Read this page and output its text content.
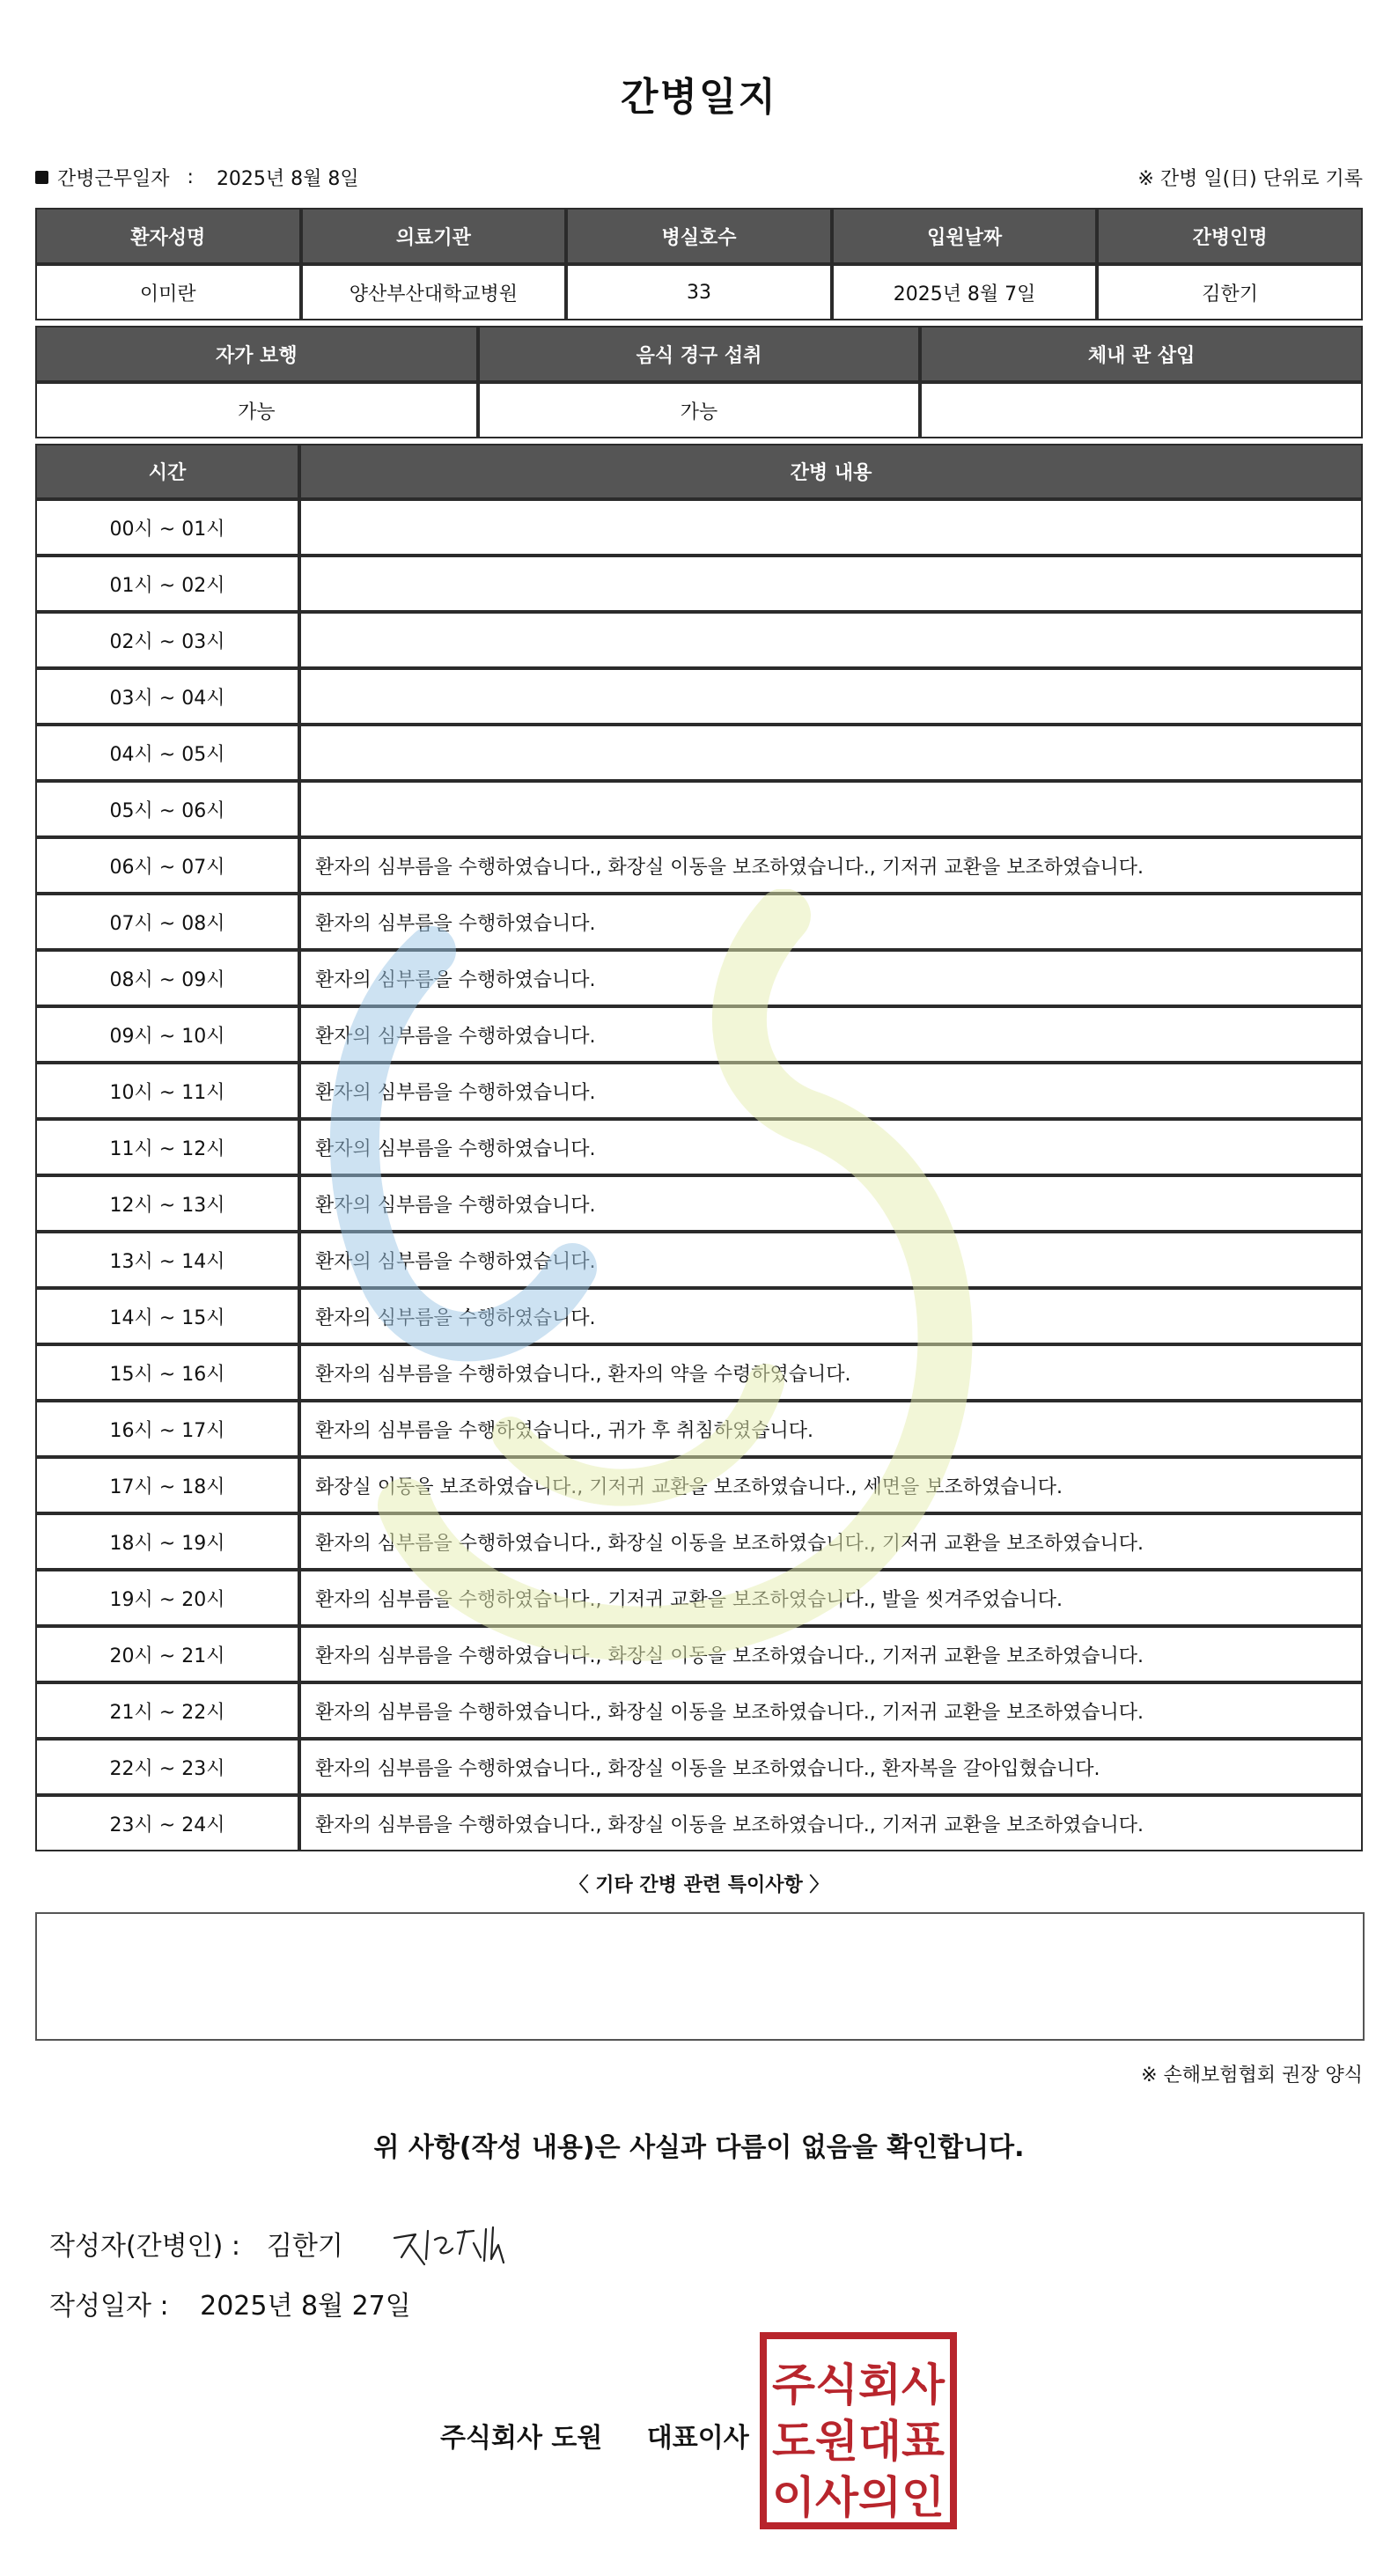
간병일지
간병근무일자 : 2025년 8월 8일	※ 간병 일(日) 단위로 기록
환자성명	의료기관	병실호수	입원날짜	간병인명
이미란	양산부산대학교병원	33	2025년 8월 7일	김한기
자가 보행	음식 경구 섭취	체내 관 삽입
가능	가능	
시간	간병 내용
00시 ~ 01시	
01시 ~ 02시	
02시 ~ 03시	
03시 ~ 04시	
04시 ~ 05시	
05시 ~ 06시	
06시 ~ 07시	환자의 심부름을 수행하였습니다., 화장실 이동을 보조하였습니다., 기저귀 교환을 보조하였습니다.
07시 ~ 08시	환자의 심부름을 수행하였습니다.
08시 ~ 09시	환자의 심부름을 수행하였습니다.
09시 ~ 10시	환자의 심부름을 수행하였습니다.
10시 ~ 11시	환자의 심부름을 수행하였습니다.
11시 ~ 12시	환자의 심부름을 수행하였습니다.
12시 ~ 13시	환자의 심부름을 수행하였습니다.
13시 ~ 14시	환자의 심부름을 수행하였습니다.
14시 ~ 15시	환자의 심부름을 수행하였습니다.
15시 ~ 16시	환자의 심부름을 수행하였습니다., 환자의 약을 수령하였습니다.
16시 ~ 17시	환자의 심부름을 수행하였습니다., 귀가 후 취침하였습니다.
17시 ~ 18시	화장실 이동을 보조하였습니다., 기저귀 교환을 보조하였습니다., 세면을 보조하였습니다.
18시 ~ 19시	환자의 심부름을 수행하였습니다., 화장실 이동을 보조하였습니다., 기저귀 교환을 보조하였습니다.
19시 ~ 20시	환자의 심부름을 수행하였습니다., 기저귀 교환을 보조하였습니다., 발을 씻겨주었습니다.
20시 ~ 21시	환자의 심부름을 수행하였습니다., 화장실 이동을 보조하였습니다., 기저귀 교환을 보조하였습니다.
21시 ~ 22시	환자의 심부름을 수행하였습니다., 화장실 이동을 보조하였습니다., 기저귀 교환을 보조하였습니다.
22시 ~ 23시	환자의 심부름을 수행하였습니다., 화장실 이동을 보조하였습니다., 환자복을 갈아입혔습니다.
23시 ~ 24시	환자의 심부름을 수행하였습니다., 화장실 이동을 보조하였습니다., 기저귀 교환을 보조하였습니다.
〈 기타 간병 관련 특이사항 〉
※ 손해보험협회 권장 양식
위 사항(작성 내용)은 사실과 다름이 없음을 확인합니다.
작성자(간병인) : 김한기
작성일자 : 2025년 8월 27일
주식회사 도원 대표이사
주식회사
도원대표
이사의인
